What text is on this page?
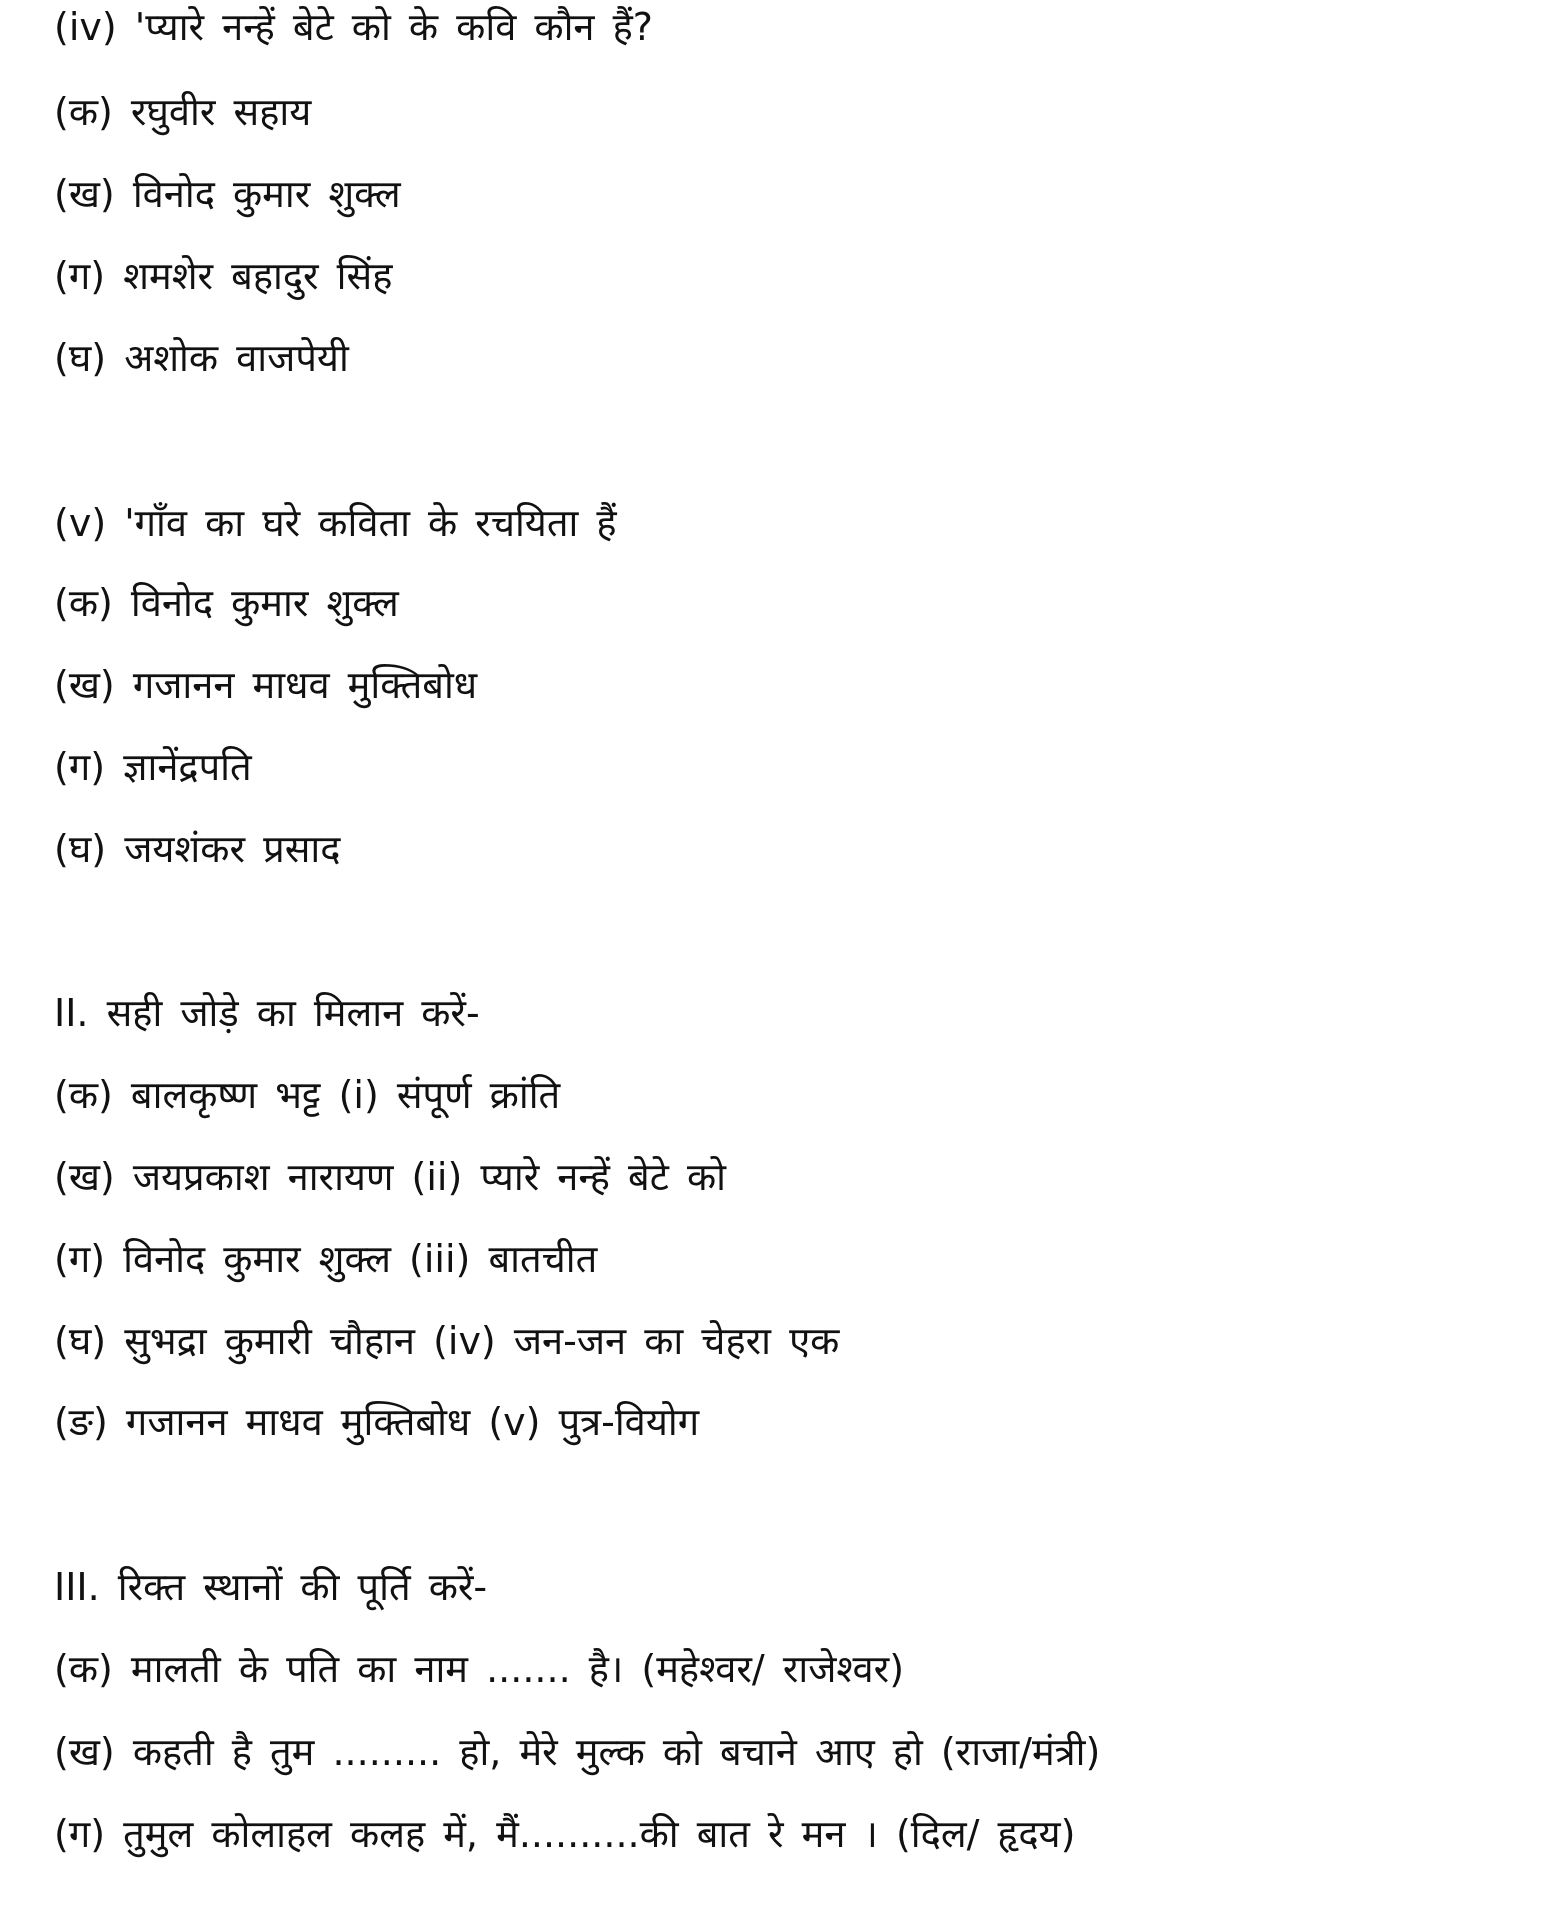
(iv) 'प्यारे नन्हें बेटे को के कवि कौन हैं?
(क) रघुवीर सहाय
(ख) विनोद कुमार शुक्ल
(ग) शमशेर बहादुर सिंह
(घ) अशोक वाजपेयी
(v) 'गाँव का घरे कविता के रचयिता हैं
(क) विनोद कुमार शुक्ल
(ख) गजानन माधव मुक्तिबोध
(ग) ज्ञानेंद्रपति
(घ) जयशंकर प्रसाद
II. सही जोड़े का मिलान करें-
(क) बालकृष्ण भट्ट (i) संपूर्ण क्रांति
(ख) जयप्रकाश नारायण (ii) प्यारे नन्हें बेटे को
(ग) विनोद कुमार शुक्ल (iii) बातचीत
(घ) सुभद्रा कुमारी चौहान (iv) जन-जन का चेहरा एक
(ङ) गजानन माधव मुक्तिबोध (v) पुत्र-वियोग
III. रिक्त स्थानों की पूर्ति करें-
(क) मालती के पति का नाम ....... है। (महेश्वर/ राजेश्वर)
(ख) कहती है तुम ......... हो, मेरे मुल्क को बचाने आए हो (राजा/मंत्री)
(ग) तुमुल कोलाहल कलह में, मैं..........की बात रे मन । (दिल/ हृदय)
